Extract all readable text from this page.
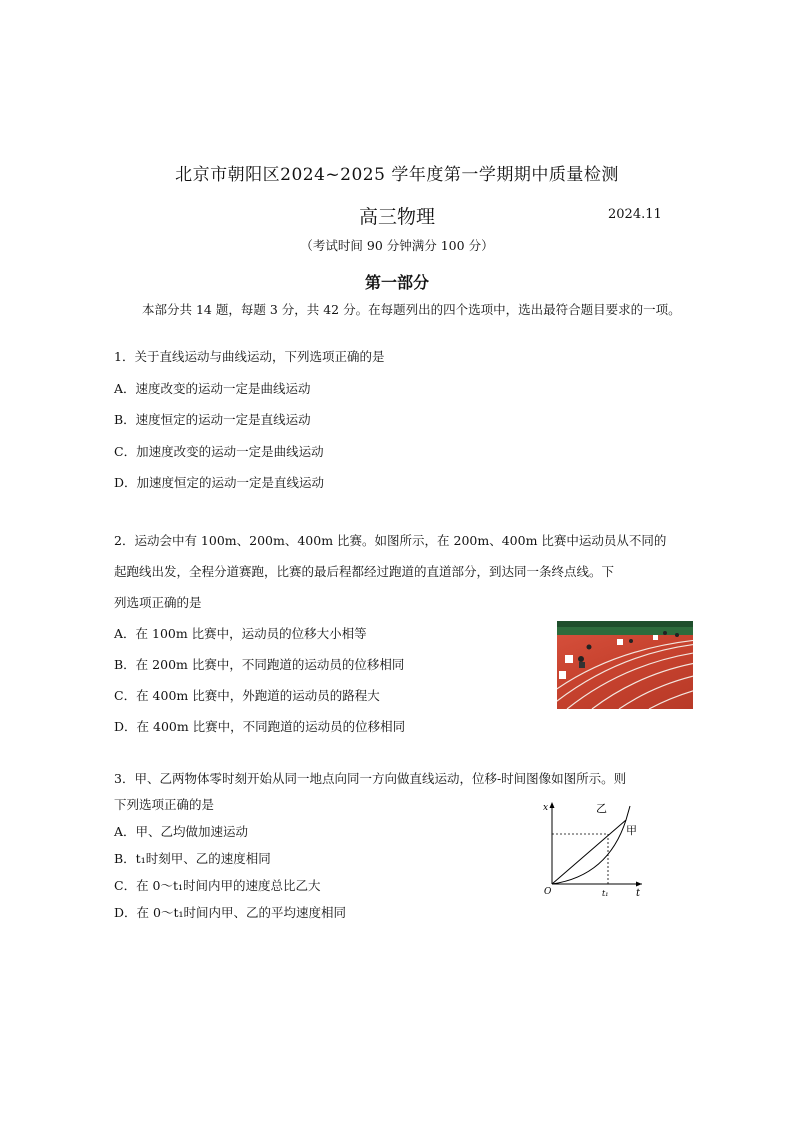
北京市朝阳区2024~2025 学年度第一学期期中质量检测
高三物理	2024.11
（考试时间 90 分钟满分 100 分）
第一部分
本部分共 14 题，每题 3 分，共 42 分。在每题列出的四个选项中，选出最符合题目要求的一项。
1．关于直线运动与曲线运动，下列选项正确的是
A．速度改变的运动一定是曲线运动
B．速度恒定的运动一定是直线运动
C．加速度改变的运动一定是曲线运动
D．加速度恒定的运动一定是直线运动
2．运动会中有 100m、200m、400m 比赛。如图所示，在 200m、400m 比赛中运动员从不同的
起跑线出发，全程分道赛跑，比赛的最后程都经过跑道的直道部分，到达同一条终点线。下
列选项正确的是
A．在 100m 比赛中，运动员的位移大小相等
B．在 200m 比赛中，不同跑道的运动员的位移相同
C．在 400m 比赛中，外跑道的运动员的路程大
D．在 400m 比赛中，不同跑道的运动员的位移相同
3．甲、乙两物体零时刻开始从同一地点向同一方向做直线运动，位移-时间图像如图所示。则
下列选项正确的是
A．甲、乙均做加速运动
B．t₁时刻甲、乙的速度相同
C．在 0～t₁时间内甲的速度总比乙大
D．在 0～t₁时间内甲、乙的平均速度相同
O	t
x
t₁
甲
乙
